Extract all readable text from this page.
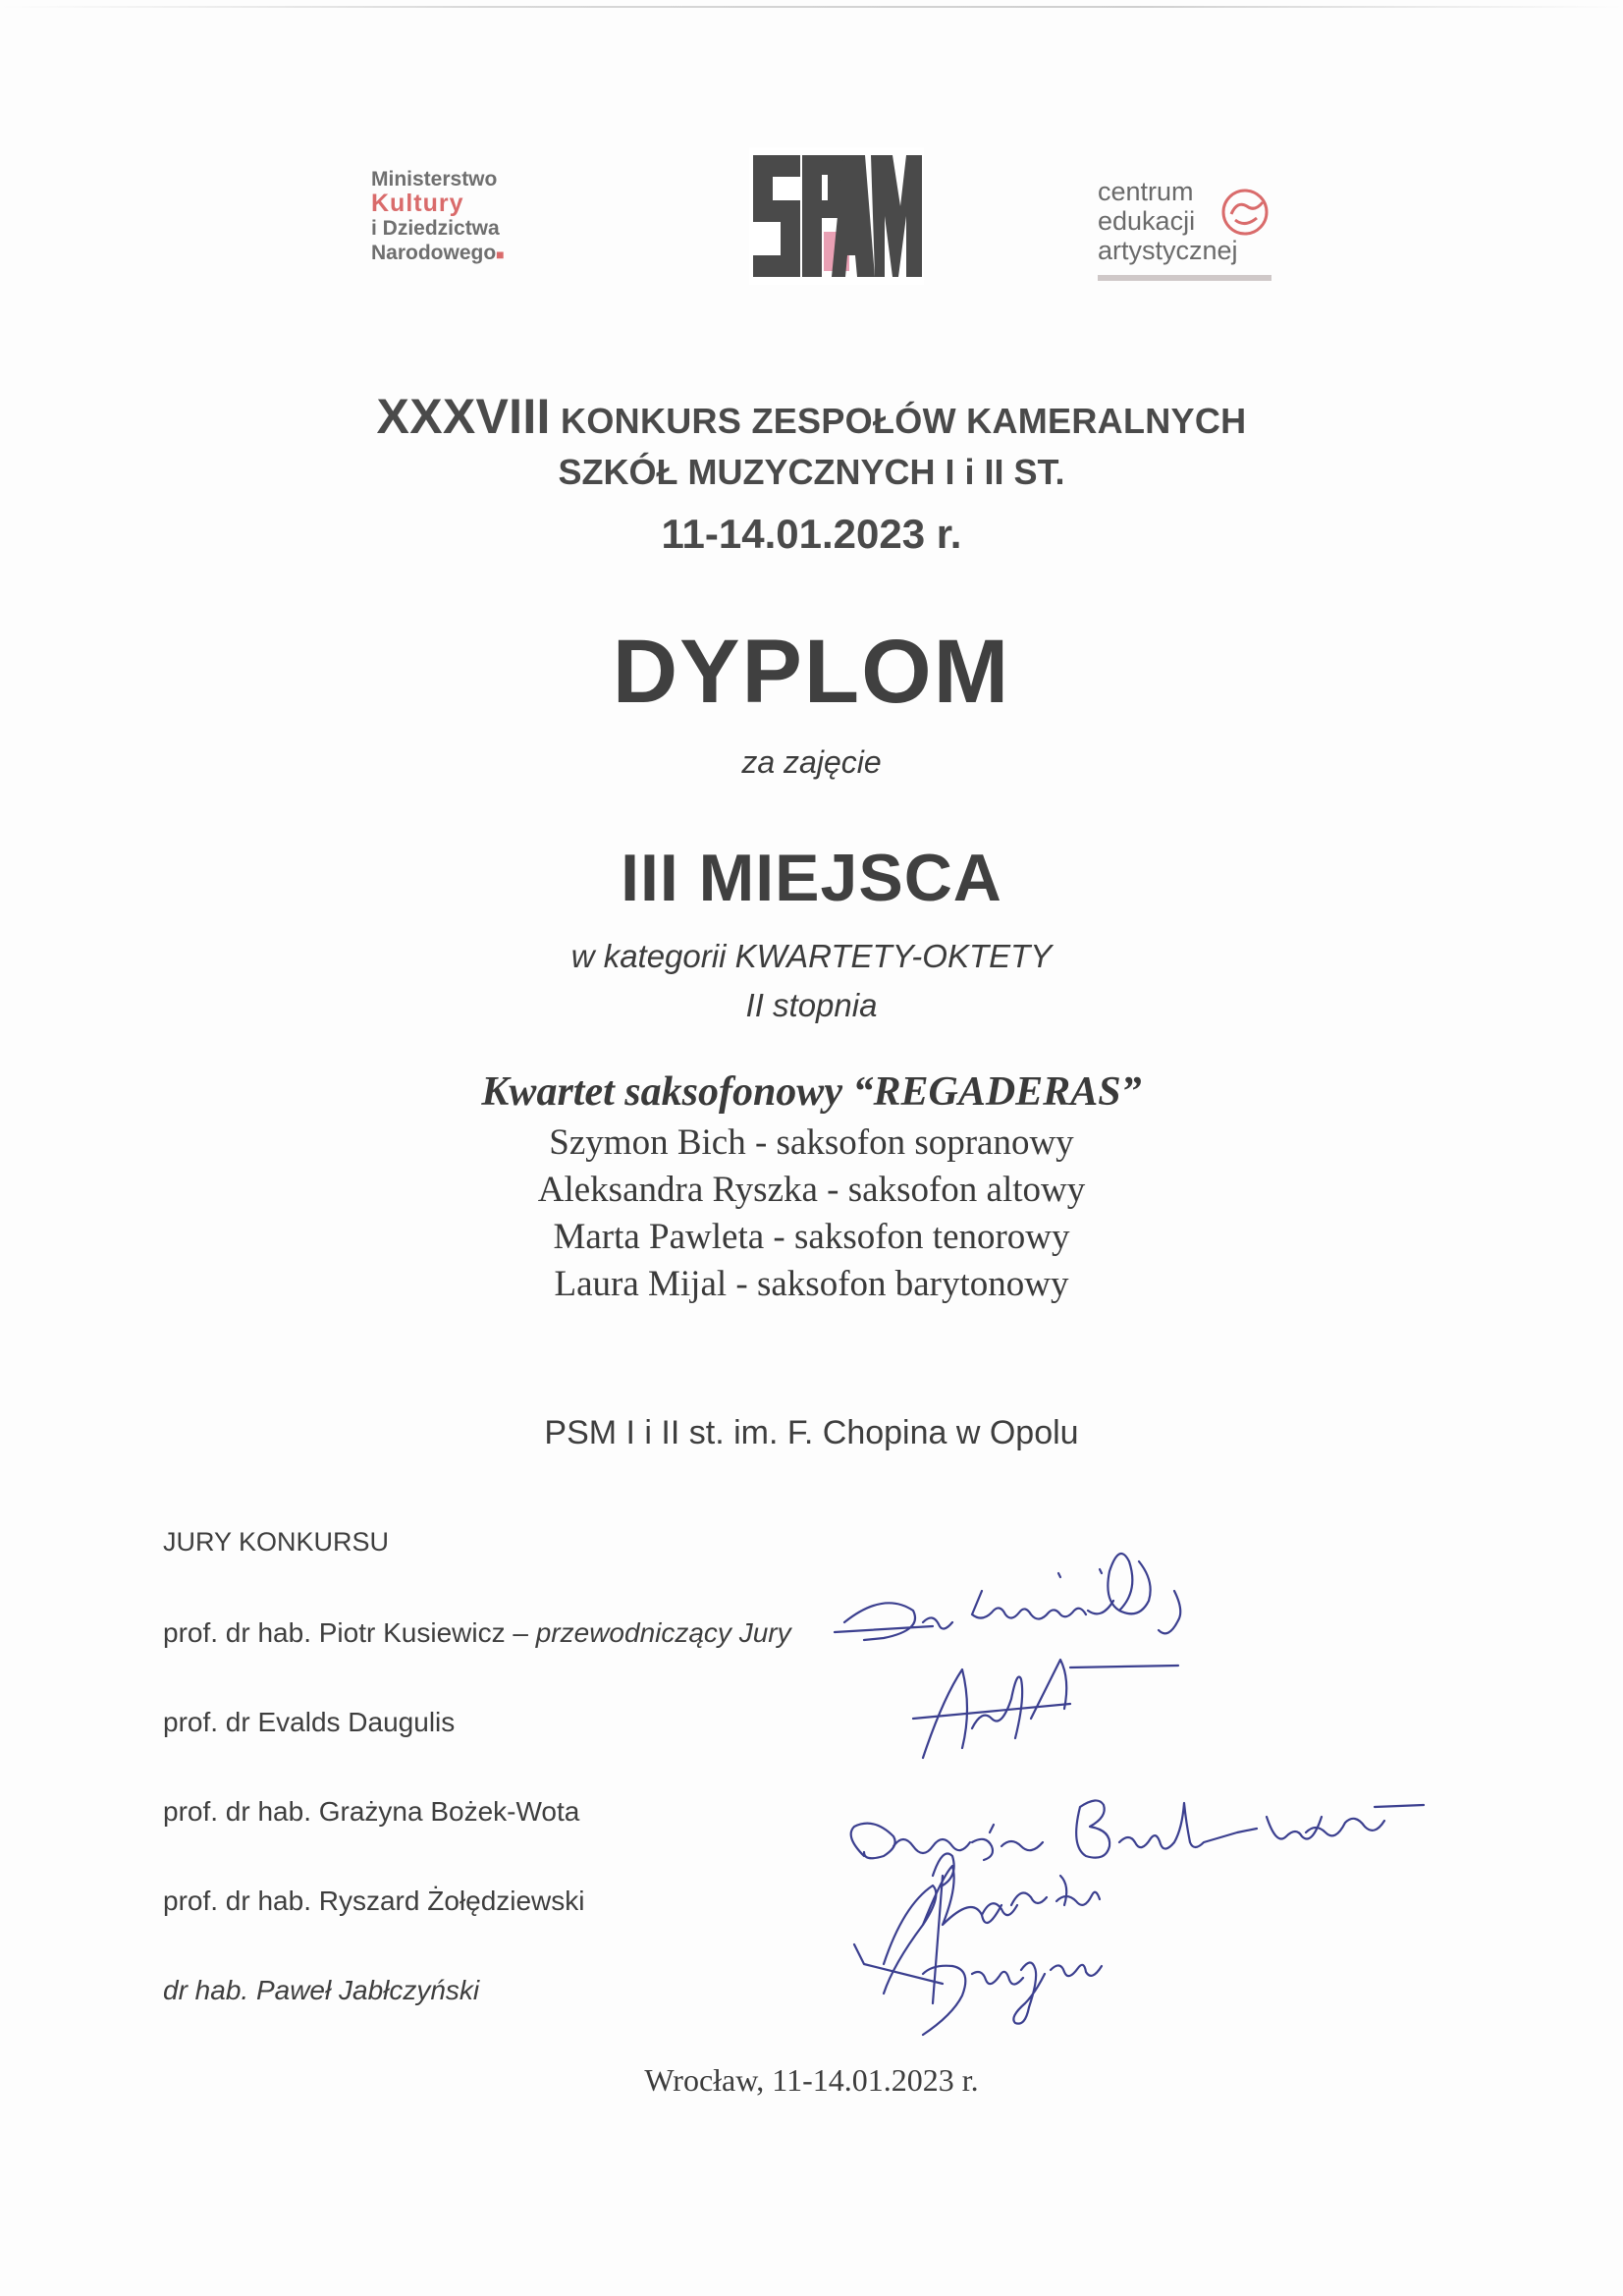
Ministerstwo
Kultury
i Dziedzictwa
Narodowego■
centrum
edukacji
artystycznej
XXXVIII KONKURS ZESPOŁÓW KAMERALNYCH
SZKÓŁ MUZYCZNYCH I i II ST.
11-14.01.2023 r.
DYPLOM
za zajęcie
III MIEJSCA
w kategorii KWARTETY-OKTETY
II stopnia
Kwartet saksofonowy “REGADERAS”
Szymon Bich - saksofon sopranowy
Aleksandra Ryszka - saksofon altowy
Marta Pawleta - saksofon tenorowy
Laura Mijal - saksofon barytonowy
PSM I i II st. im. F. Chopina w Opolu
JURY KONKURSU
prof. dr hab. Piotr Kusiewicz – przewodniczący Jury
prof. dr Evalds Daugulis
prof. dr hab. Grażyna Bożek-Wota
prof. dr hab. Ryszard Żołędziewski
dr hab. Paweł Jabłczyński
Wrocław, 11-14.01.2023 r.
